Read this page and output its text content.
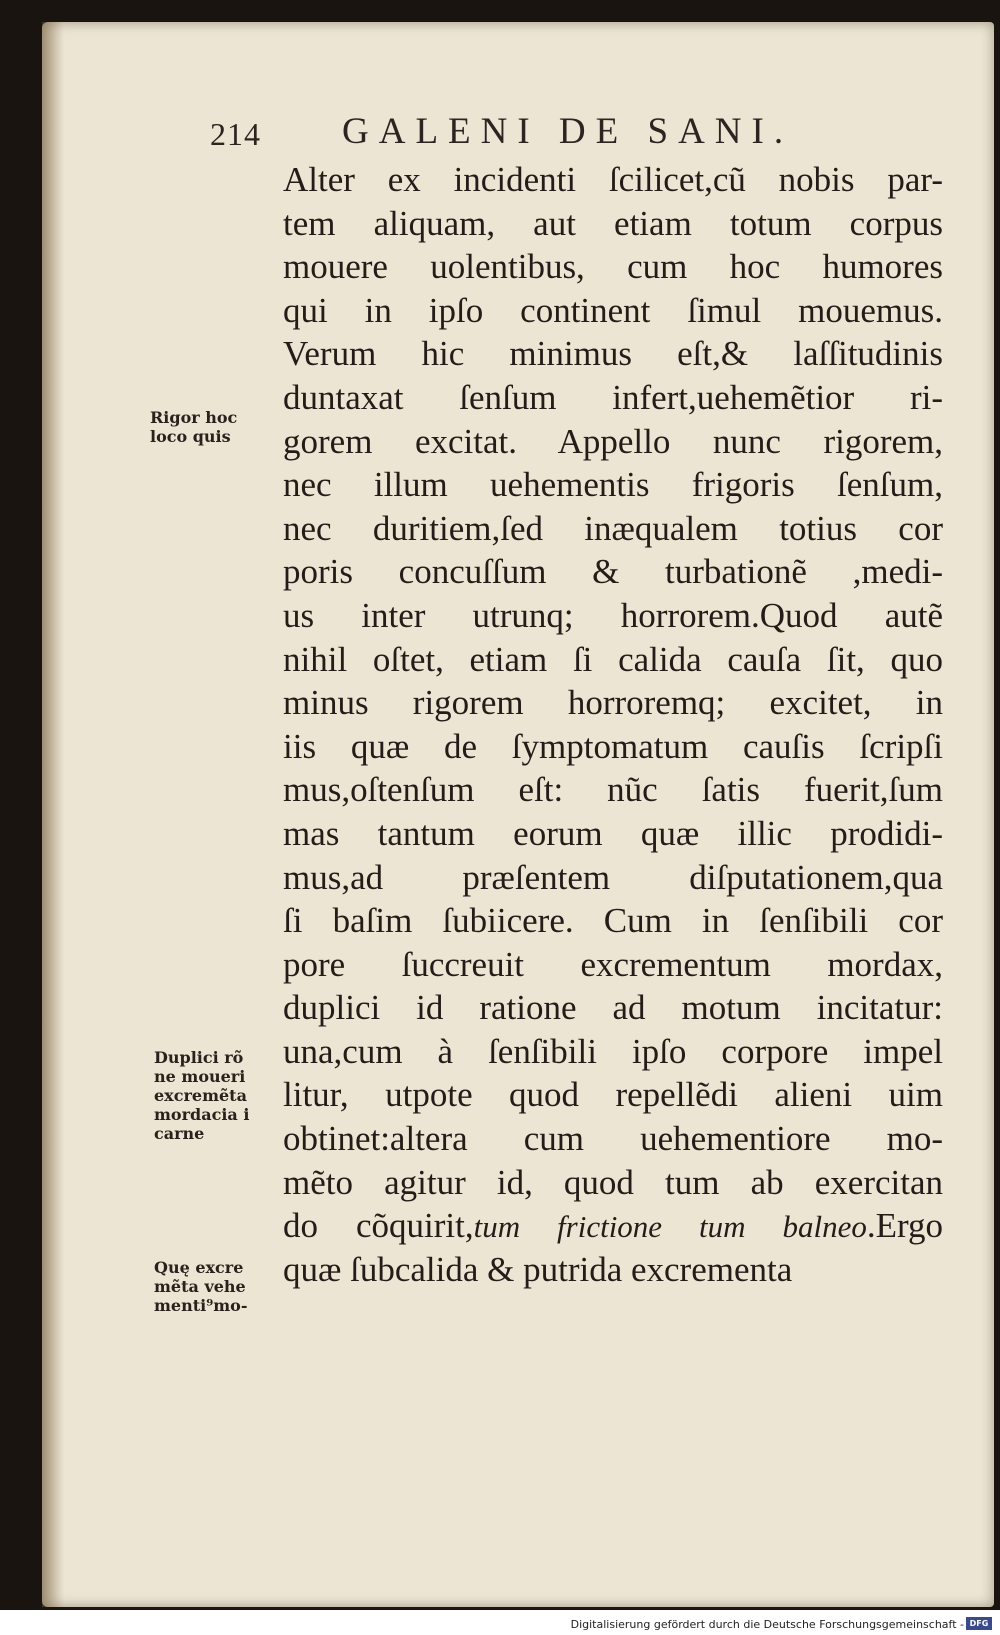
214 GALENI DE SANI.
Alter ex incidenti ſcilicet,cũ nobis par-
tem aliquam, aut etiam totum corpus
mouere uolentibus, cum hoc humores
qui in ipſo continent ſimul mouemus.
Verum hic minimus eſt,& laſſitudinis
duntaxat ſenſum infert,uehemẽtior ri-
gorem excitat. Appello nunc rigorem,
nec illum uehementis frigoris ſenſum,
nec duritiem,ſed inæqualem totius cor
poris concuſſum & turbationẽ ,medi-
us inter utrunq; horrorem.Quod autẽ
nihil oſtet, etiam ſi calida cauſa ſit, quo
minus rigorem horroremq; excitet, in
iis quæ de ſymptomatum cauſis ſcripſi
mus,oſtenſum eſt: nũc ſatis fuerit,ſum
mas tantum eorum quæ illic prodidi-
mus,ad præſentem diſputationem,qua
ſi baſim ſubiicere. Cum in ſenſibili cor
pore ſuccreuit excrementum mordax,
duplici id ratione ad motum incitatur:
una,cum à ſenſibili ipſo corpore impel
litur, utpote quod repellẽdi alieni uim
obtinet:altera cum uehementiore mo-
mẽto agitur id, quod tum ab exercitan
do cõquirit,tum frictione tum balneo.Ergo
quæ ſubcalida & putrida excrementa
Rigor hoc
loco quis
Duplici rõ
ne moueri
excremẽta
mordacia i
carne
Quę excre
mẽta vehe
menti⁹mo-
Digitalisierung gefördert durch die Deutsche Forschungsgemeinschaft - DFG
